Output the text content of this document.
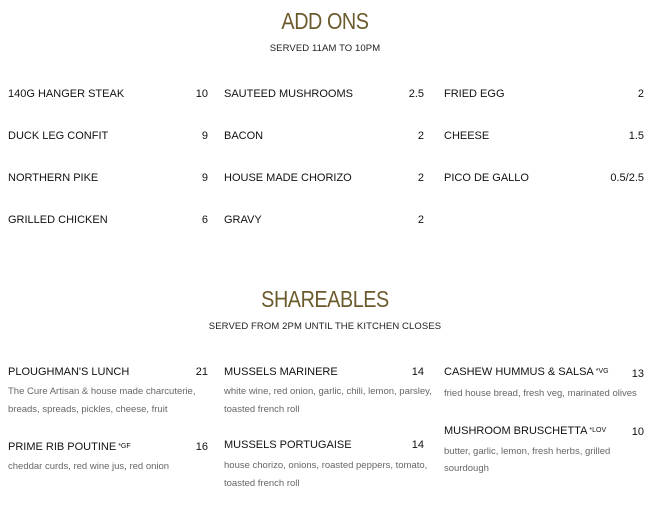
ADD ONS
SERVED 11AM TO 10PM
140G HANGER STEAK	10
DUCK LEG CONFIT	9
NORTHERN PIKE	9
GRILLED CHICKEN	6
SAUTEED MUSHROOMS	2.5
BACON	2
HOUSE MADE CHORIZO	2
GRAVY	2
FRIED EGG	2
CHEESE	1.5
PICO DE GALLO	0.5/2.5
SHAREABLES
SERVED FROM 2PM UNTIL THE KITCHEN CLOSES
PLOUGHMAN'S LUNCH	21
The Cure Artisan & house made charcuterie,
breads, spreads, pickles, cheese, fruit
PRIME RIB POUTINE *GF	16
cheddar curds, red wine jus, red onion
MUSSELS MARINERE	14
white wine, red onion, garlic, chili, lemon, parsley,
toasted french roll
MUSSELS PORTUGAISE	14
house chorizo, onions, roasted peppers, tomato,
toasted french roll
CASHEW HUMMUS & SALSA *VG	13
fried house bread, fresh veg, marinated olives
MUSHROOM BRUSCHETTA *LOV	10
butter, garlic, lemon, fresh herbs, grilled
sourdough
